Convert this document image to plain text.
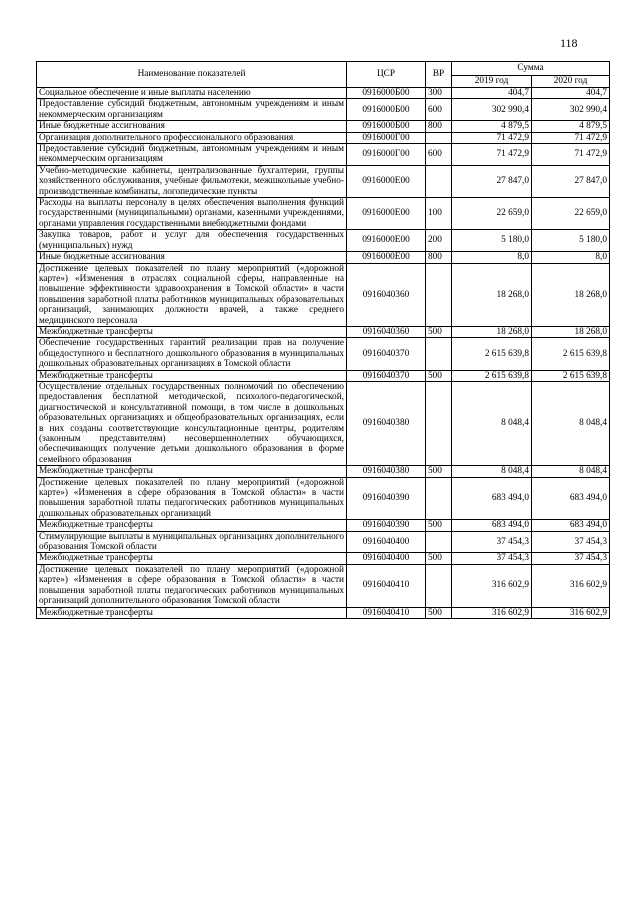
118
Наименование показателей	ЦСР	ВР	Сумма	
			2019 год	2020 год
Социальное обеспечение и иные выплаты населению	0916000Б00	300	404,7	404,7
Предоставление субсидий бюджетным, автономным учреждениям и иным некоммерческим организациям	0916000Б00	600	302 990,4	302 990,4
Иные бюджетные ассигнования	0916000Б00	800	4 879,5	4 879,5
Организация дополнительного профессионального образования	0916000Г00		71 472,9	71 472,9
Предоставление субсидий бюджетным, автономным учреждениям и иным некоммерческим организациям	0916000Г00	600	71 472,9	71 472,9
Учебно-методические кабинеты, централизованные бухгалтерии, группы хозяйственного обслуживания, учебные фильмотеки, межшкольные учебно-производственные комбинаты, логопедические пункты	0916000Е00		27 847,0	27 847,0
Расходы на выплаты персоналу в целях обеспечения выполнения функций государственными (муниципальными) органами, казенными учреждениями, органами управления государственными внебюджетными фондами	0916000Е00	100	22 659,0	22 659,0
Закупка товаров, работ и услуг для обеспечения государственных (муниципальных) нужд	0916000Е00	200	5 180,0	5 180,0
Иные бюджетные ассигнования	0916000Е00	800	8,0	8,0
Достижение целевых показателей по плану мероприятий («дорожной карте») «Изменения в отраслях социальной сферы, направленные на повышение эффективности здравоохранения в Томской области» в части повышения заработной платы работников муниципальных образовательных организаций, занимающих должности врачей, а также среднего медицинского персонала	0916040360		18 268,0	18 268,0
Межбюджетные трансферты	0916040360	500	18 268,0	18 268,0
Обеспечение государственных гарантий реализации прав на получение общедоступного и бесплатного дошкольного образования в муниципальных дошкольных образовательных организациях в Томской области	0916040370		2 615 639,8	2 615 639,8
Межбюджетные трансферты	0916040370	500	2 615 639,8	2 615 639,8
Осуществление отдельных государственных полномочий по обеспечению предоставления бесплатной методической, психолого-педагогической, диагностической и консультативной помощи, в том числе в дошкольных образовательных организациях и общеобразовательных организациях, если в них созданы соответствующие консультационные центры, родителям (законным представителям) несовершеннолетних обучающихся, обеспечивающих получение детьми дошкольного образования в форме семейного образования	0916040380		8 048,4	8 048,4
Межбюджетные трансферты	0916040380	500	8 048,4	8 048,4
Достижение целевых показателей по плану мероприятий («дорожной карте») «Изменения в сфере образования в Томской области» в части повышения заработной платы педагогических работников муниципальных дошкольных образовательных организаций	0916040390		683 494,0	683 494,0
Межбюджетные трансферты	0916040390	500	683 494,0	683 494,0
Стимулирующие выплаты в муниципальных организациях дополнительного образования Томской области	0916040400		37 454,3	37 454,3
Межбюджетные трансферты	0916040400	500	37 454,3	37 454,3
Достижение целевых показателей по плану мероприятий («дорожной карте») «Изменения в сфере образования в Томской области» в части повышения заработной платы педагогических работников муниципальных организаций дополнительного образования Томской области	0916040410		316 602,9	316 602,9
Межбюджетные трансферты	0916040410	500	316 602,9	316 602,9
